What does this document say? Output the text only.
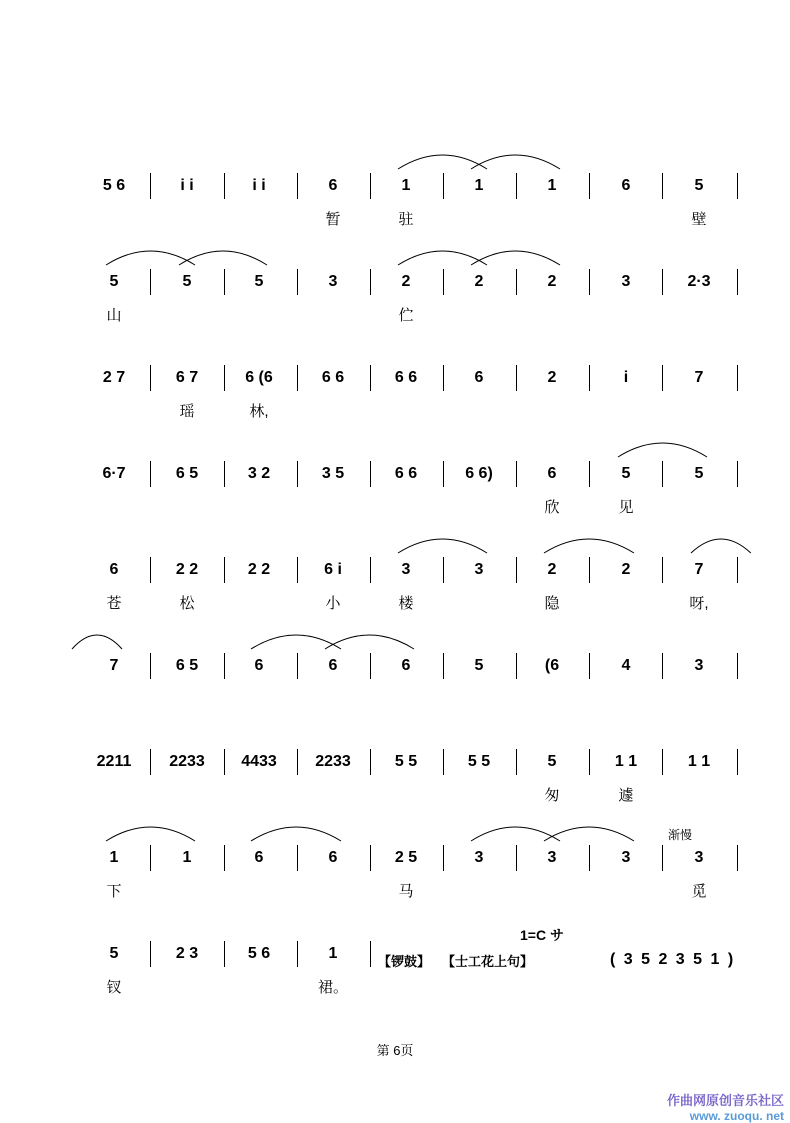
1=C サ
渐慢
【锣鼓】 【士工花上句】	( 3 5 2 3 5 1 )
第 6页
作曲网原创音乐社区
www. zuoqu. net
5 6	i i	i i	6	1	1	1	6	5
暂	驻	壁
5	5	5	3	2	2	2	3	2·3
山	伫
2 7	6 7	6 (6	6 6	6 6	6	2	i	7
瑶	林,
6·7	6 5	3 2	3 5	6 6	6 6)	6	5	5
欣	见
6	2 2	2 2	6 i	3	3	2	2	7
苍	松	小	楼	隐	呀,
7	6 5	6	6	6	5	(6	4	3
2211 2233 4433 2233	5 5	5 5	5	1 1	1 1
匆	遽
1	1	6	6	2 5	3	3	3	3
下	马	觅
5	2 3	5 6	1
钗	裙。
